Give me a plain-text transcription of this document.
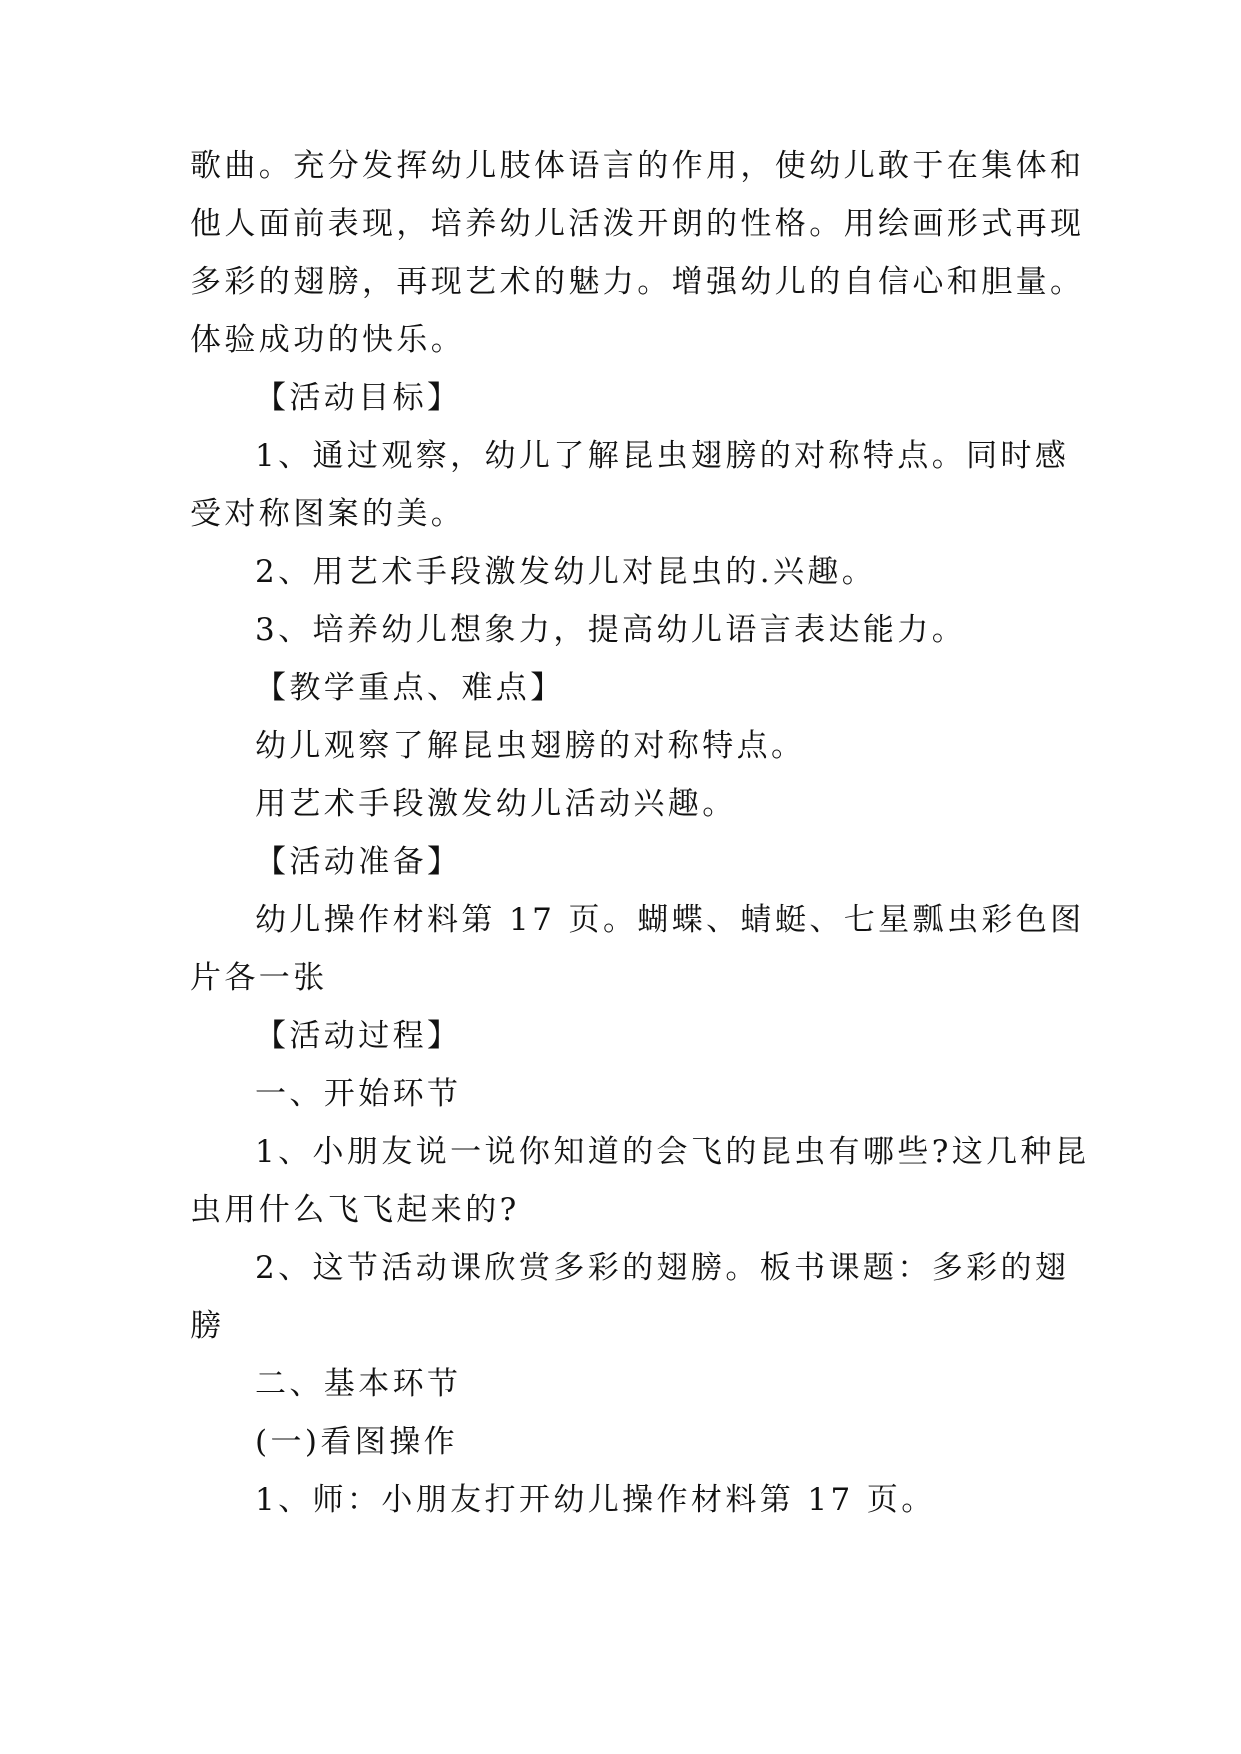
歌曲。充分发挥幼儿肢体语言的作用，使幼儿敢于在集体和
他人面前表现，培养幼儿活泼开朗的性格。用绘画形式再现
多彩的翅膀，再现艺术的魅力。增强幼儿的自信心和胆量。
体验成功的快乐。
【活动目标】
1、通过观察，幼儿了解昆虫翅膀的对称特点。同时感
受对称图案的美。
2、用艺术手段激发幼儿对昆虫的.兴趣。
3、培养幼儿想象力，提高幼儿语言表达能力。
【教学重点、难点】
幼儿观察了解昆虫翅膀的对称特点。
用艺术手段激发幼儿活动兴趣。
【活动准备】
幼儿操作材料第 17 页。蝴蝶、蜻蜓、七星瓢虫彩色图
片各一张
【活动过程】
一、开始环节
1、小朋友说一说你知道的会飞的昆虫有哪些?这几种昆
虫用什么飞飞起来的?
2、这节活动课欣赏多彩的翅膀。板书课题：多彩的翅
膀
二、基本环节
(一)看图操作
1、师：小朋友打开幼儿操作材料第 17 页。
